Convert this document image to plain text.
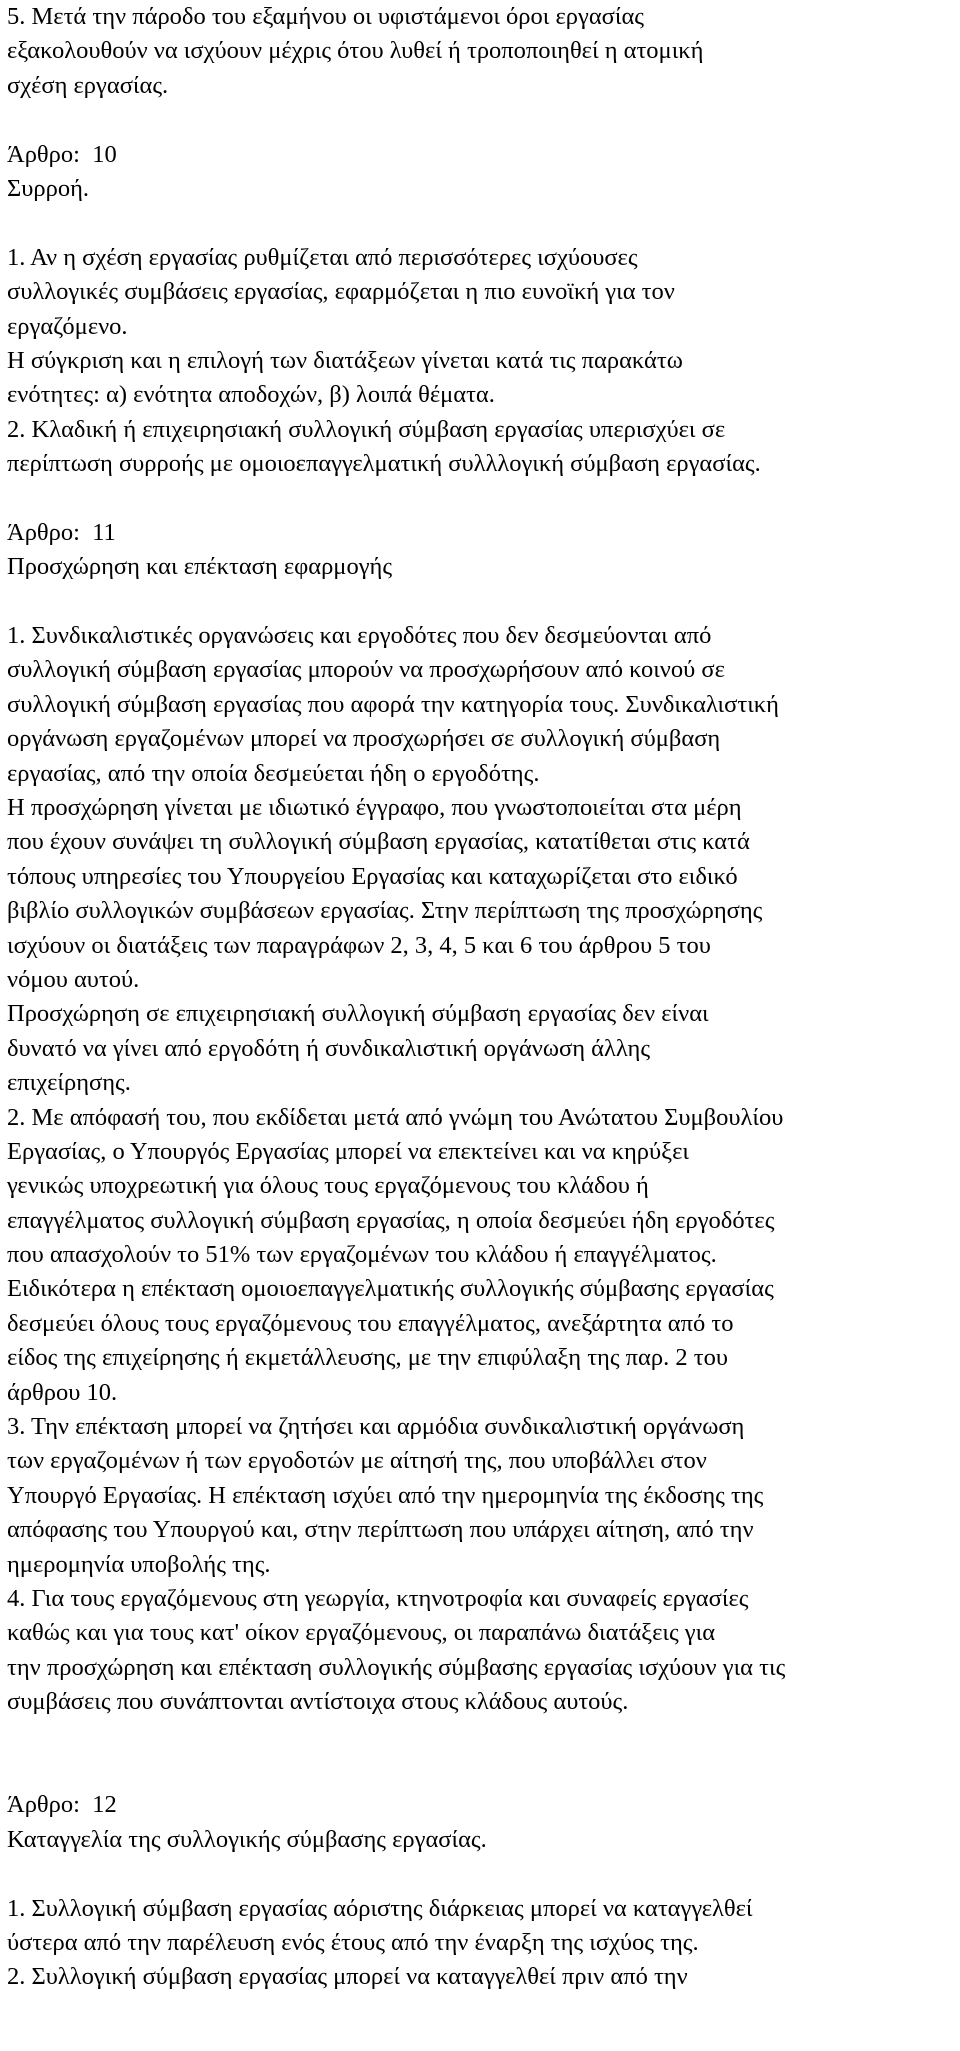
5. Μετά την πάροδο του εξαμήνου οι υφιστάμενοι όροι εργασίας
εξακολουθούν να ισχύουν μέχρις ότου λυθεί ή τροποποιηθεί η ατομική
σχέση εργασίας.
Άρθρο:  10
Συρροή.
1. Αν η σχέση εργασίας ρυθμίζεται από περισσότερες ισχύουσες
συλλογικές συμβάσεις εργασίας, εφαρμόζεται η πιο ευνοϊκή για τον
εργαζόμενο.
Η σύγκριση και η επιλογή των διατάξεων γίνεται κατά τις παρακάτω
ενότητες: α) ενότητα αποδοχών, β) λοιπά θέματα.
2. Κλαδική ή επιχειρησιακή συλλογική σύμβαση εργασίας υπερισχύει σε
περίπτωση συρροής με ομοιοεπαγγελματική συλλλογική σύμβαση εργασίας.
Άρθρο:  11
Προσχώρηση και επέκταση εφαρμογής
1. Συνδικαλιστικές οργανώσεις και εργοδότες που δεν δεσμεύονται από
συλλογική σύμβαση εργασίας μπορούν να προσχωρήσουν από κοινού σε
συλλογική σύμβαση εργασίας που αφορά την κατηγορία τους. Συνδικαλιστική
οργάνωση εργαζομένων μπορεί να προσχωρήσει σε συλλογική σύμβαση
εργασίας, από την οποία δεσμεύεται ήδη ο εργοδότης.
Η προσχώρηση γίνεται με ιδιωτικό έγγραφο, που γνωστοποιείται στα μέρη
που έχουν συνάψει τη συλλογική σύμβαση εργασίας, κατατίθεται στις κατά
τόπους υπηρεσίες του Υπουργείου Εργασίας και καταχωρίζεται στο ειδικό
βιβλίο συλλογικών συμβάσεων εργασίας. Στην περίπτωση της προσχώρησης
ισχύουν οι διατάξεις των παραγράφων 2, 3, 4, 5 και 6 του άρθρου 5 του
νόμου αυτού.
Προσχώρηση σε επιχειρησιακή συλλογική σύμβαση εργασίας δεν είναι
δυνατό να γίνει από εργοδότη ή συνδικαλιστική οργάνωση άλλης
επιχείρησης.
2. Με απόφασή του, που εκδίδεται μετά από γνώμη του Ανώτατου Συμβουλίου
Εργασίας, ο Υπουργός Εργασίας μπορεί να επεκτείνει και να κηρύξει
γενικώς υποχρεωτική για όλους τους εργαζόμενους του κλάδου ή
επαγγέλματος συλλογική σύμβαση εργασίας, η οποία δεσμεύει ήδη εργοδότες
που απασχολούν το 51% των εργαζομένων του κλάδου ή επαγγέλματος.
Ειδικότερα η επέκταση ομοιοεπαγγελματικής συλλογικής σύμβασης εργασίας
δεσμεύει όλους τους εργαζόμενους του επαγγέλματος, ανεξάρτητα από το
είδος της επιχείρησης ή εκμετάλλευσης, με την επιφύλαξη της παρ. 2 του
άρθρου 10.
3. Την επέκταση μπορεί να ζητήσει και αρμόδια συνδικαλιστική οργάνωση
των εργαζομένων ή των εργοδοτών με αίτησή της, που υποβάλλει στον
Υπουργό Εργασίας. Η επέκταση ισχύει από την ημερομηνία της έκδοσης της
απόφασης του Υπουργού και, στην περίπτωση που υπάρχει αίτηση, από την
ημερομηνία υποβολής της.
4. Για τους εργαζόμενους στη γεωργία, κτηνοτροφία και συναφείς εργασίες
καθώς και για τους κατ' οίκον εργαζόμενους, οι παραπάνω διατάξεις για
την προσχώρηση και επέκταση συλλογικής σύμβασης εργασίας ισχύουν για τις
συμβάσεις που συνάπτονται αντίστοιχα στους κλάδους αυτούς.
Άρθρο:  12
Καταγγελία της συλλογικής σύμβασης εργασίας.
1. Συλλογική σύμβαση εργασίας αόριστης διάρκειας μπορεί να καταγγελθεί
ύστερα από την παρέλευση ενός έτους από την έναρξη της ισχύος της.
2. Συλλογική σύμβαση εργασίας μπορεί να καταγγελθεί πριν από την
